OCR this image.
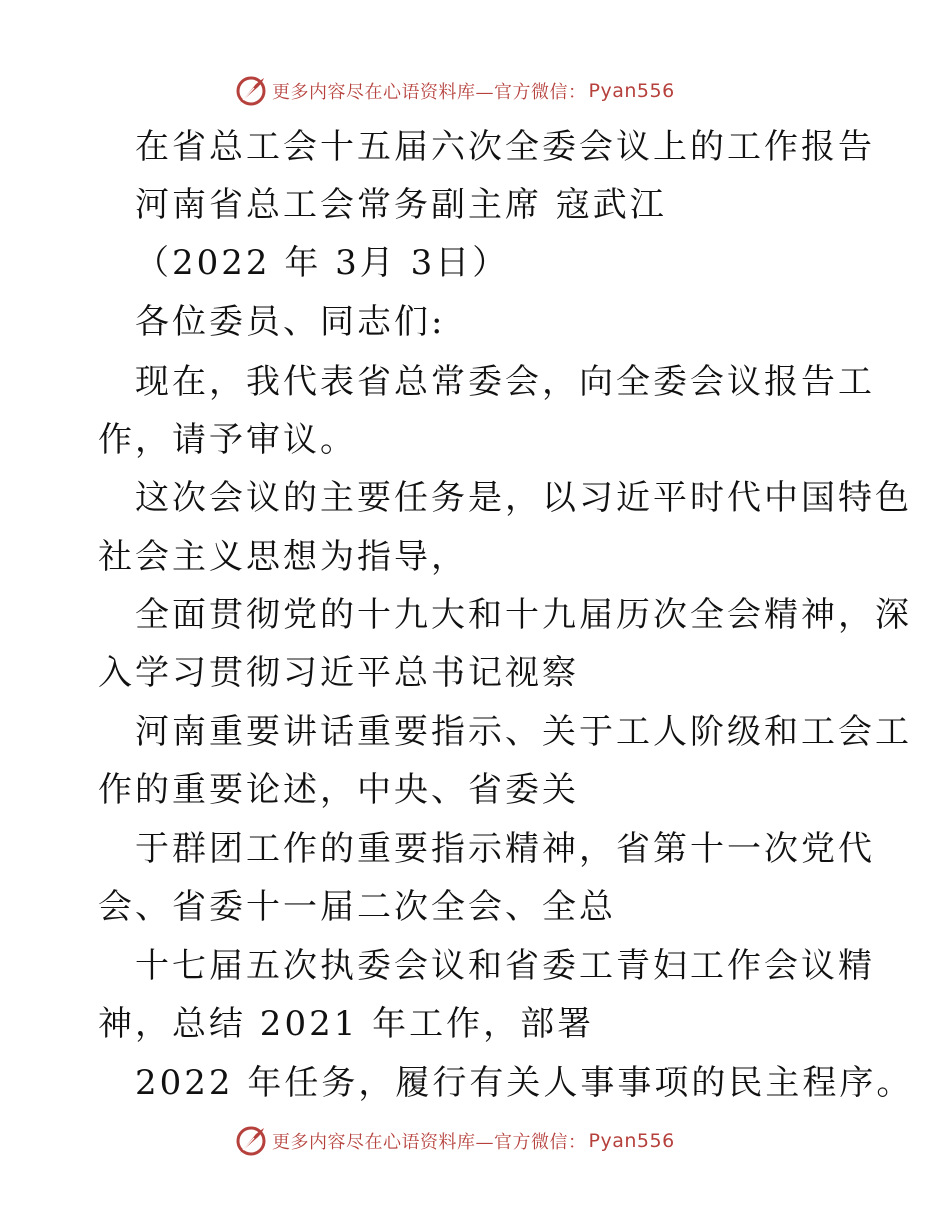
更多内容尽在心语资料库—官方微信： Pyan556
在省总工会十五届六次全委会议上的工作报告
河南省总工会常务副主席 寇武江
（2022 年 3月 3日）
各位委员、同志们:
现在，我代表省总常委会，向全委会议报告工
作，请予审议。
这次会议的主要任务是，以习近平时代中国特色
社会主义思想为指导，
全面贯彻党的十九大和十九届历次全会精神，深
入学习贯彻习近平总书记视察
河南重要讲话重要指示、关于工人阶级和工会工
作的重要论述，中央、省委关
于群团工作的重要指示精神，省第十一次党代
会、省委十一届二次全会、全总
十七届五次执委会议和省委工青妇工作会议精
神，总结 2021 年工作，部署
2022 年任务，履行有关人事事项的民主程序。
更多内容尽在心语资料库—官方微信： Pyan556
